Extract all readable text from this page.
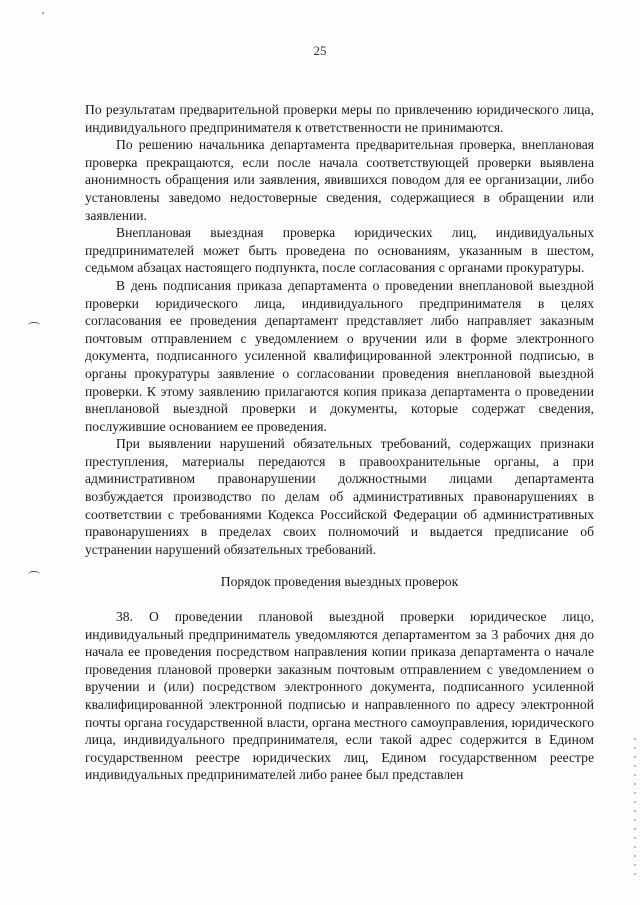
25

По результатам предварительной проверки меры по привлечению юридического лица, индивидуального предпринимателя к ответственности не принимаются.

По решению начальника департамента предварительная проверка, внеплановая проверка прекращаются, если после начала соответствующей проверки выявлена анонимность обращения или заявления, явившихся поводом для ее организации, либо установлены заведомо недостоверные сведения, содержащиеся в обращении или заявлении.

Внеплановая выездная проверка юридических лиц, индивидуальных предпринимателей может быть проведена по основаниям, указанным в шестом, седьмом абзацах настоящего подпункта, после согласования с органами прокуратуры.

В день подписания приказа департамента о проведении внеплановой выездной проверки юридического лица, индивидуального предпринимателя в целях согласования ее проведения департамент представляет либо направляет заказным почтовым отправлением с уведомлением о вручении или в форме электронного документа, подписанного усиленной квалифицированной электронной подписью, в органы прокуратуры заявление о согласовании проведения внеплановой выездной проверки. К этому заявлению прилагаются копия приказа департамента о проведении внеплановой выездной проверки и документы, которые содержат сведения, послужившие основанием ее проведения.

При выявлении нарушений обязательных требований, содержащих признаки преступления, материалы передаются в правоохранительные органы, а при административном правонарушении должностными лицами департамента возбуждается производство по делам об административных правонарушениях в соответствии с требованиями Кодекса Российской Федерации об административных правонарушениях в пределах своих полномочий и выдается предписание об устранении нарушений обязательных требований.

Порядок проведения выездных проверок

38. О проведении плановой выездной проверки юридическое лицо, индивидуальный предприниматель уведомляются департаментом за 3 рабочих дня до начала ее проведения посредством направления копии приказа департамента о начале проведения плановой проверки заказным почтовым отправлением с уведомлением о вручении и (или) посредством электронного документа, подписанного усиленной квалифицированной электронной подписью и направленного по адресу электронной почты органа государственной власти, органа местного самоуправления, юридического лица, индивидуального предпринимателя, если такой адрес содержится в Едином государственном реестре юридических лиц, Едином государственном реестре индивидуальных предпринимателей либо ранее был представлен
